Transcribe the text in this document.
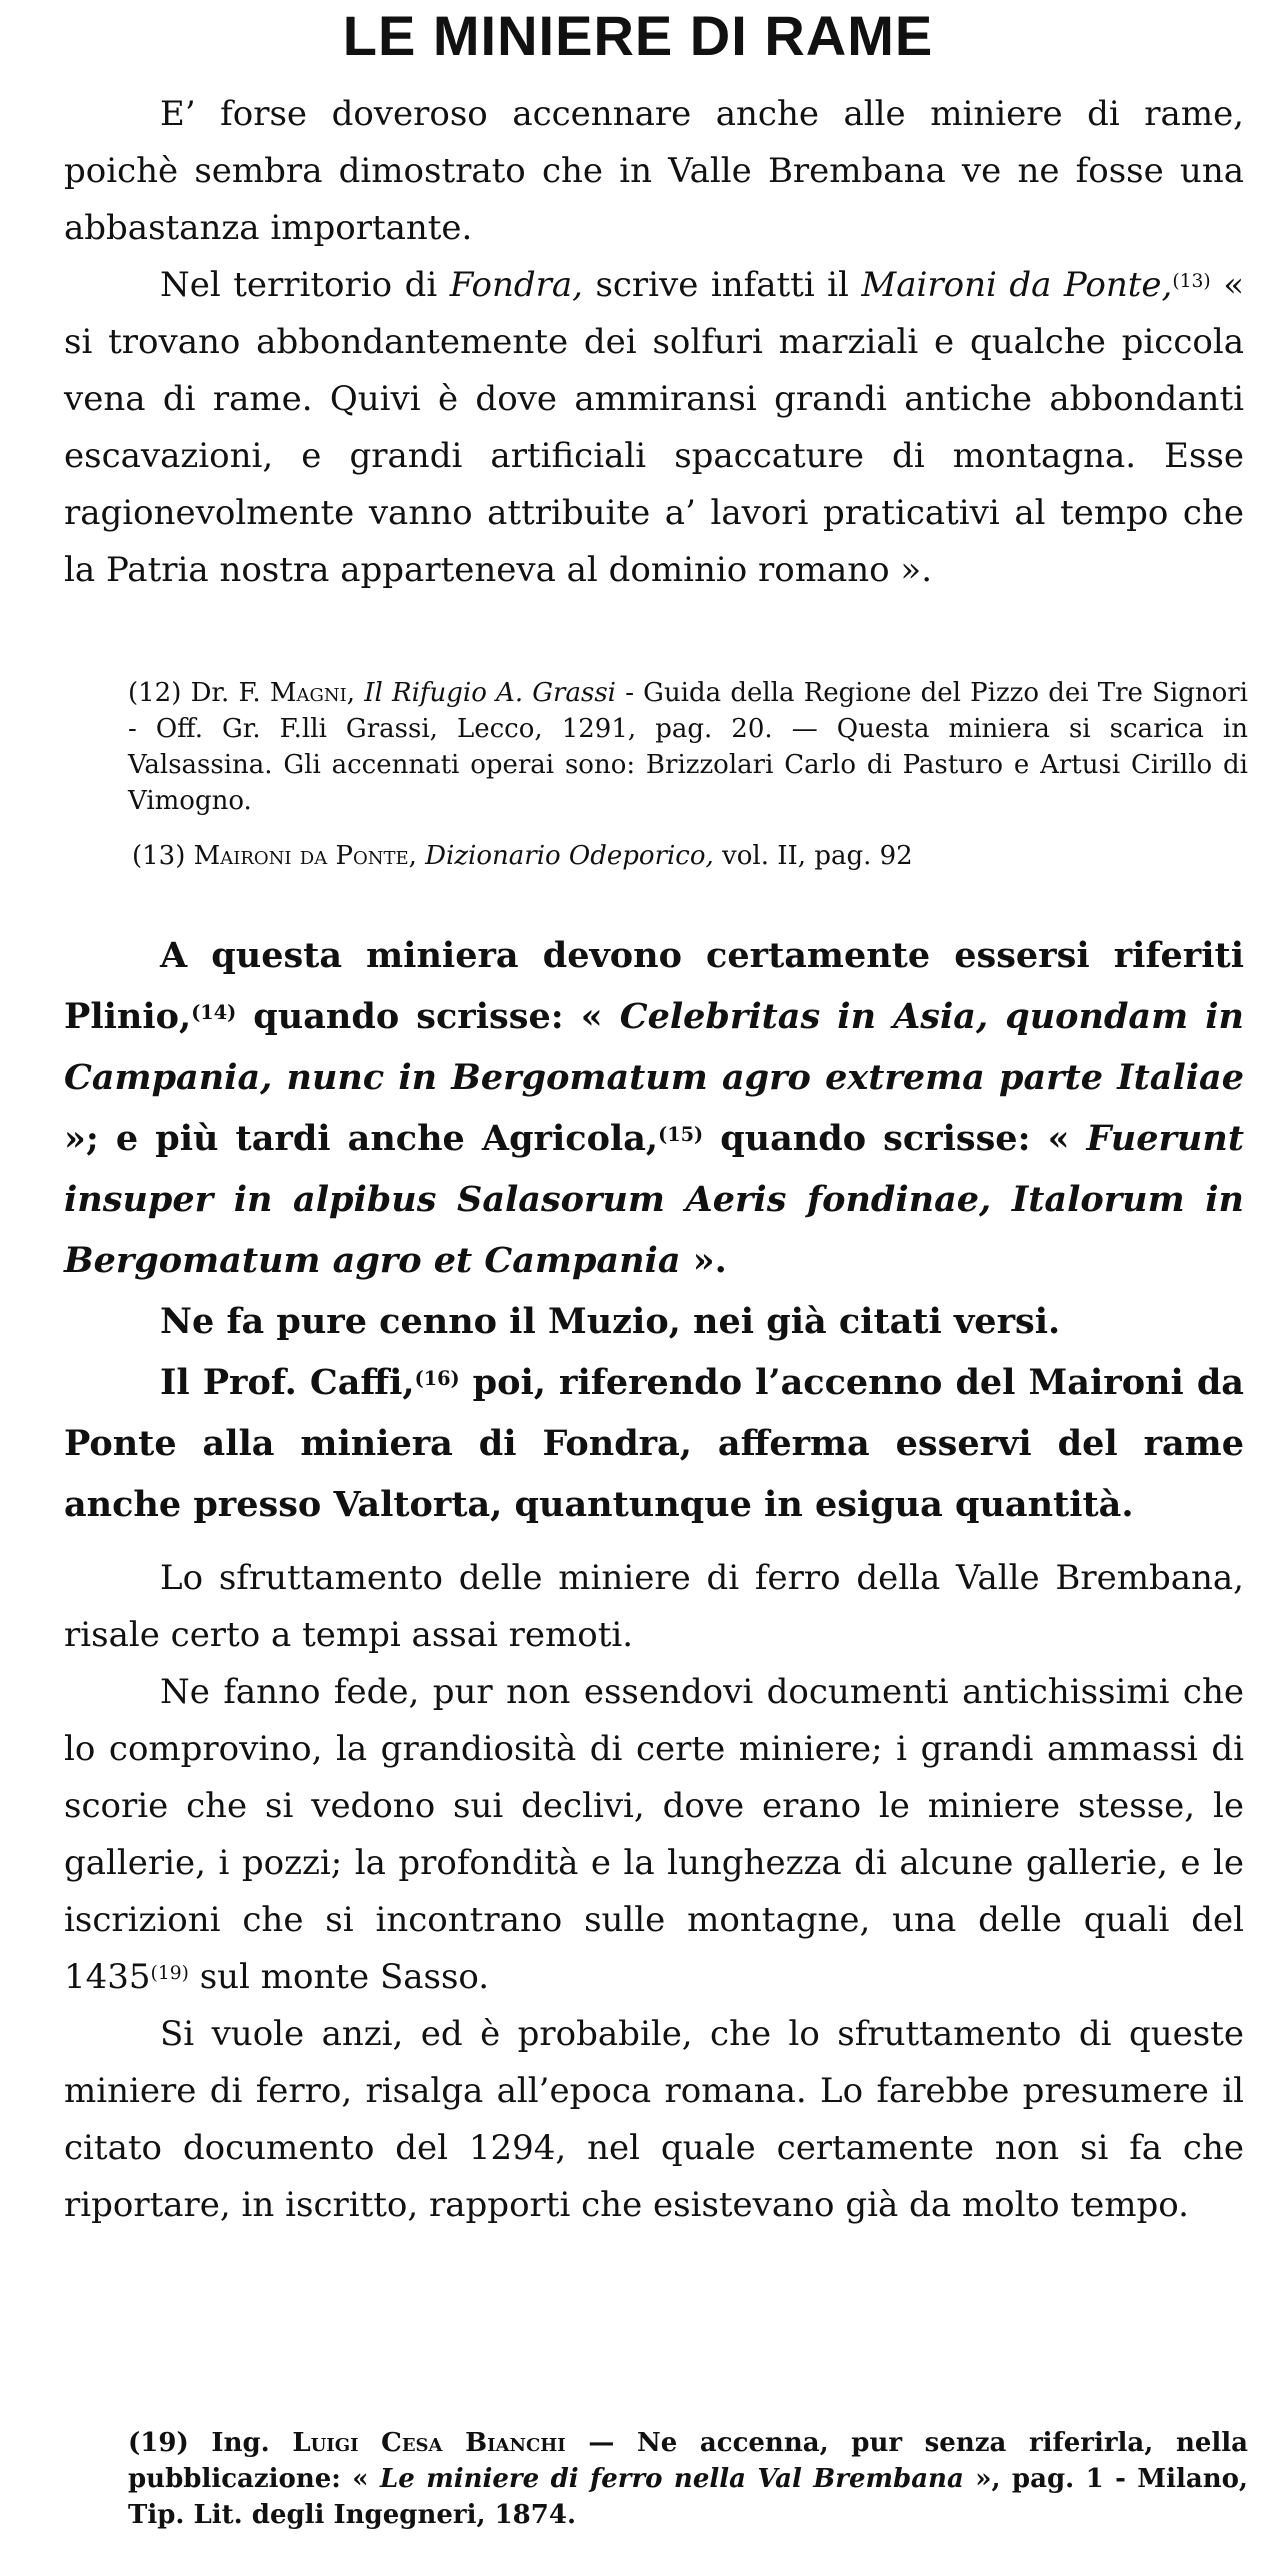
LE MINIERE DI RAME

E’ forse doveroso accennare anche alle miniere di rame, poichè sembra dimostrato che in Valle Brembana ve ne fosse una abbastanza importante.

Nel territorio di Fondra, scrive infatti il Maironi da Ponte,$^{(13)}$ « si trovano abbondantemente dei solfuri marziali e qualche piccola vena di rame. Quivi è dove ammiransi grandi antiche abbondanti escavazioni, e grandi artificiali spaccature di montagna. Esse ragionevolmente vanno attribuite a’ lavori praticativi al tempo che la Patria nostra apparteneva al dominio romano ».

(12) Dr. F. Magni, Il Rifugio A. Grassi - Guida della Regione del Pizzo dei Tre Signori - Off. Gr. F.lli Grassi, Lecco, 1291, pag. 20. — Questa miniera si scarica in Valsassina. Gli accennati operai sono: Brizzolari Carlo di Pasturo e Artusi Cirillo di Vimogno.
(13) Maironi da Ponte, Dizionario Odeporico, vol. II, pag. 92

A questa miniera devono certamente essersi riferiti Plinio,$^{(14)}$ quando scrisse: « Celebritas in Asia, quondam in Campania, nunc in Bergomatum agro extrema parte Italiae »; e più tardi anche Agricola,$^{(15)}$ quando scrisse: « Fuerunt insuper in alpibus Salasorum Aeris fondinae, Italorum in Bergomatum agro et Campania ».

Ne fa pure cenno il Muzio, nei già citati versi.

Il Prof. Caffi,$^{(16)}$ poi, riferendo l’accenno del Maironi da Ponte alla miniera di Fondra, afferma esservi del rame anche presso Valtorta, quantunque in esigua quantità.

Lo sfruttamento delle miniere di ferro della Valle Brembana, risale certo a tempi assai remoti.

Ne fanno fede, pur non essendovi documenti antichissimi che lo comprovino, la grandiosità di certe miniere; i grandi ammassi di scorie che si vedono sui declivi, dove erano le miniere stesse, le gallerie, i pozzi; la profondità e la lunghezza di alcune gallerie, e le iscrizioni che si incontrano sulle montagne, una delle quali del 1435$^{(19)}$ sul monte Sasso.

Si vuole anzi, ed è probabile, che lo sfruttamento di queste miniere di ferro, risalga all’epoca romana. Lo farebbe presumere il citato documento del 1294, nel quale certamente non si fa che riportare, in iscritto, rapporti che esistevano già da molto tempo.

(19) Ing. Luigi Cesa Bianchi — Ne accenna, pur senza riferirla, nella pubblicazione: « Le miniere di ferro nella Val Brembana », pag. 1 - Milano, Tip. Lit. degli Ingegneri, 1874.
